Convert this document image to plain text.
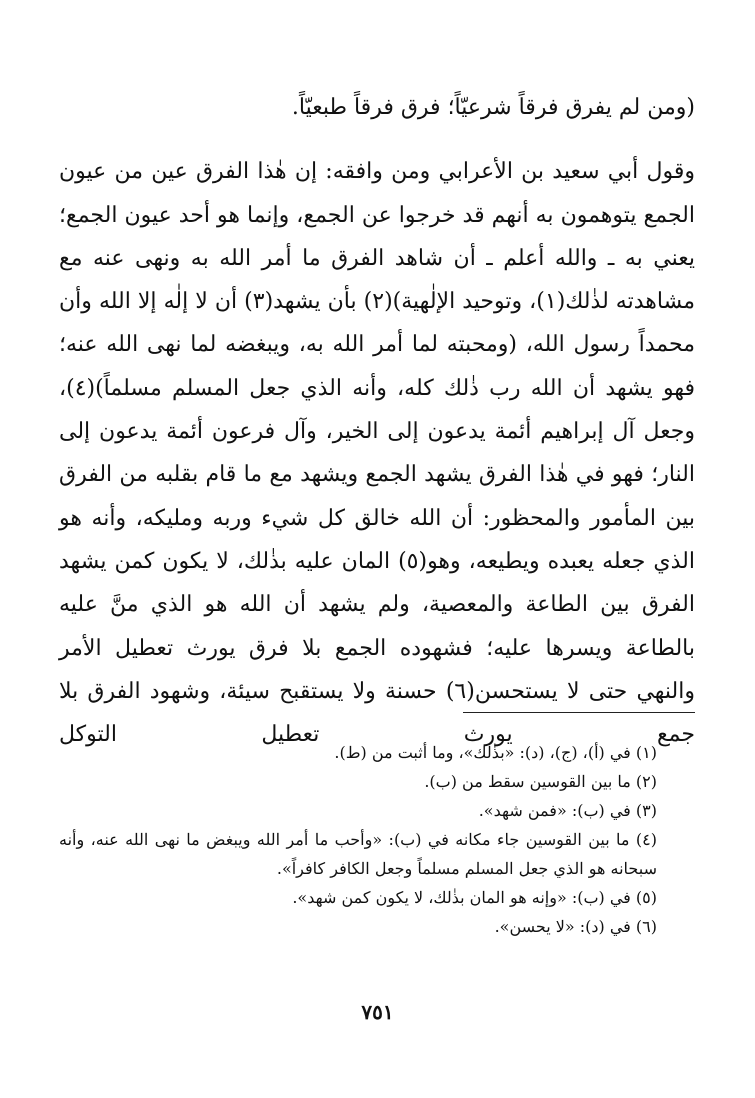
(ومن لم يفرق فرقاً شرعيّاً؛ فرق فرقاً طبعيّاً.

وقول أبي سعيد بن الأعرابي ومن وافقه: إن هٰذا الفرق عين من عيون الجمع يتوهمون به أنهم قد خرجوا عن الجمع، وإنما هو أحد عيون الجمع؛ يعني به ـ والله أعلم ـ أن شاهد الفرق ما أمر الله به ونهى عنه مع مشاهدته لذٰلك(١)، وتوحيد الإلٰهية)(٢) بأن يشهد(٣) أن لا إلٰه إلا الله وأن محمداً رسول الله، (ومحبته لما أمر الله به، ويبغضه لما نهى الله عنه؛ فهو يشهد أن الله رب ذٰلك كله، وأنه الذي جعل المسلم مسلماً)(٤)، وجعل آل إبراهيم أئمة يدعون إلى الخير، وآل فرعون أئمة يدعون إلى النار؛ فهو في هٰذا الفرق يشهد الجمع ويشهد مع ما قام بقلبه من الفرق بين المأمور والمحظور: أن الله خالق كل شيء وربه ومليكه، وأنه هو الذي جعله يعبده ويطيعه، وهو(٥) المان عليه بذٰلك، لا يكون كمن يشهد الفرق بين الطاعة والمعصية، ولم يشهد أن الله هو الذي منَّ عليه بالطاعة ويسرها عليه؛ فشهوده الجمع بلا فرق يورث تعطيل الأمر والنهي حتى لا يستحسن(٦) حسنة ولا يستقبح سيئة، وشهود الفرق بلا جمع يورث تعطيل التوكل

(١) في (أ)، (ج)، (د): «بذٰلك»، وما أثبت من (ط).

(٢) ما بين القوسين سقط من (ب).

(٣) في (ب): «فمن شهد».

(٤) ما بين القوسين جاء مكانه في (ب): «وأحب ما أمر الله ويبغض ما نهى الله عنه، وأنه سبحانه هو الذي جعل المسلم مسلماً وجعل الكافر كافراً».

(٥) في (ب): «وإنه هو المان بذٰلك، لا يكون كمن شهد».

(٦) في (د): «لا يحسن».

٧٥١
